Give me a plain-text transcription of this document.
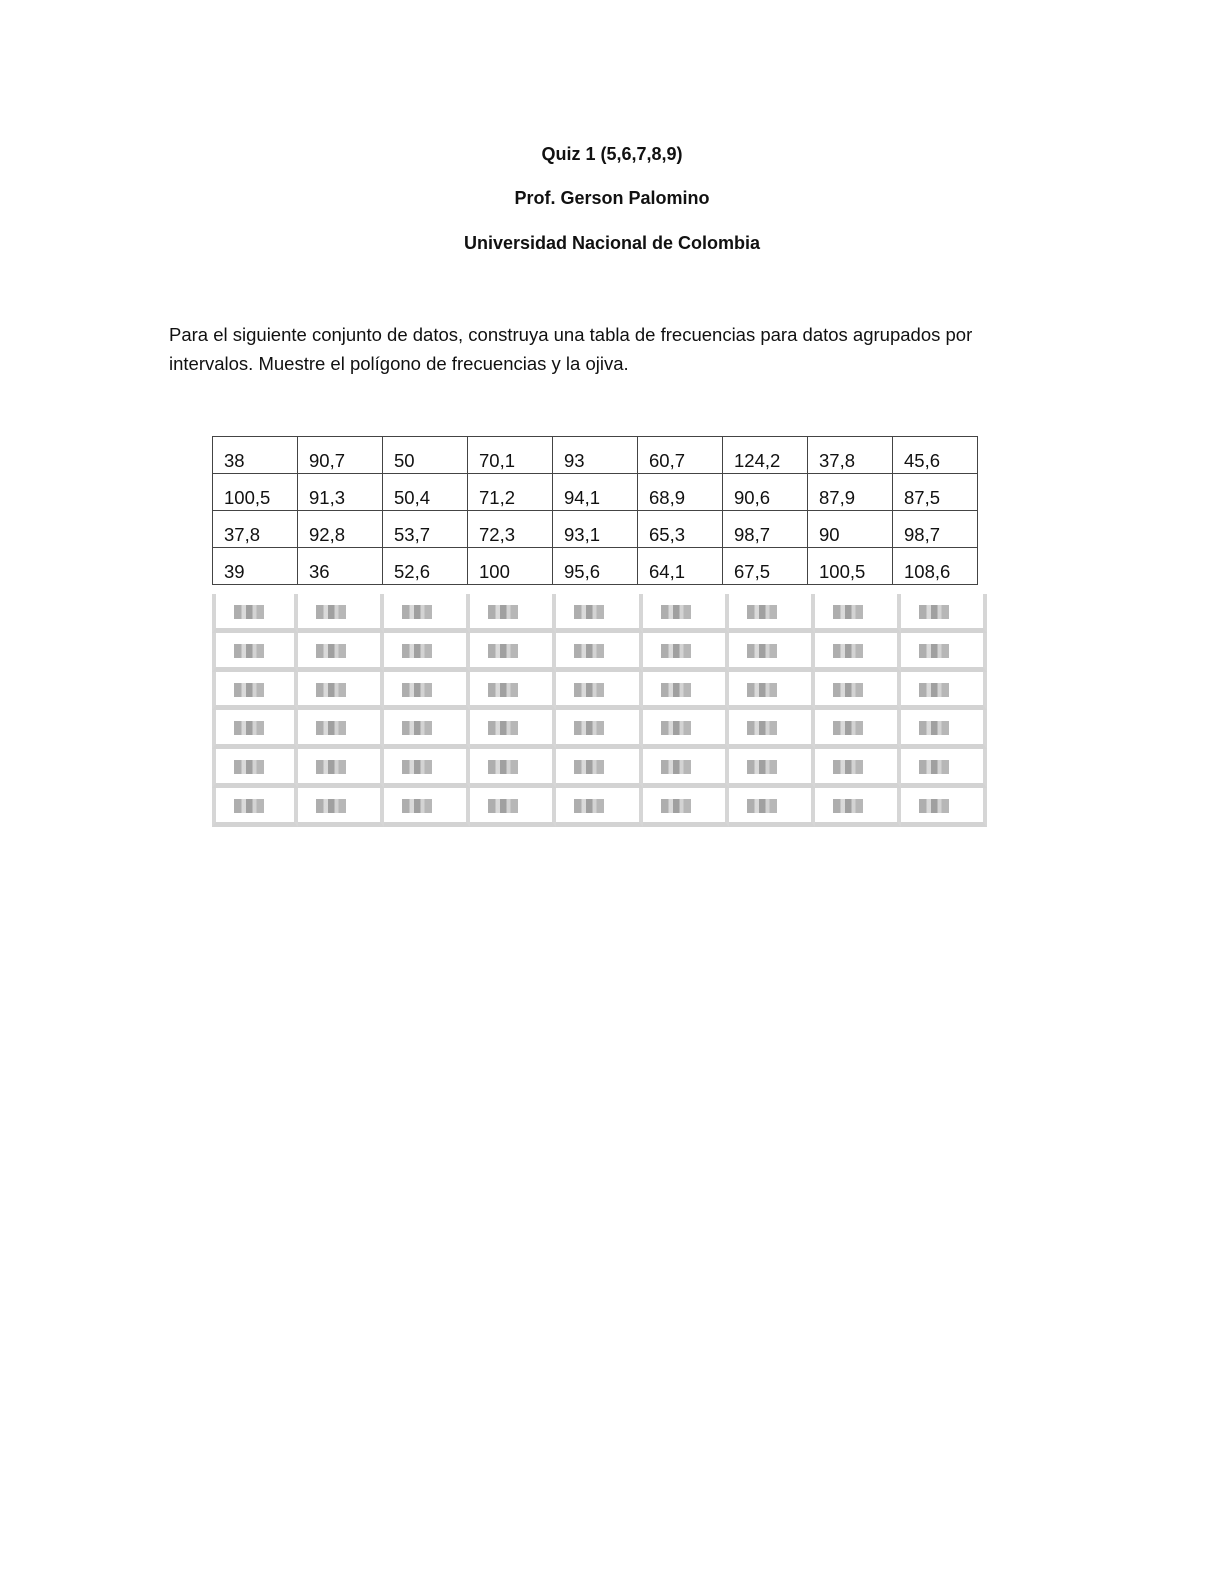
Quiz 1 (5,6,7,8,9)
Prof. Gerson Palomino
Universidad Nacional de Colombia
Para el siguiente conjunto de datos, construya una tabla de frecuencias para datos agrupados por
intervalos. Muestre el polígono de frecuencias y la ojiva.
38	90,7	50	70,1	93	60,7	124,2	37,8	45,6

100,5	91,3	50,4	71,2	94,1	68,9	90,6	87,9	87,5

37,8	92,8	53,7	72,3	93,1	65,3	98,7	90	98,7

39	36	52,6	100	95,6	64,1	67,5	100,5	108,6
